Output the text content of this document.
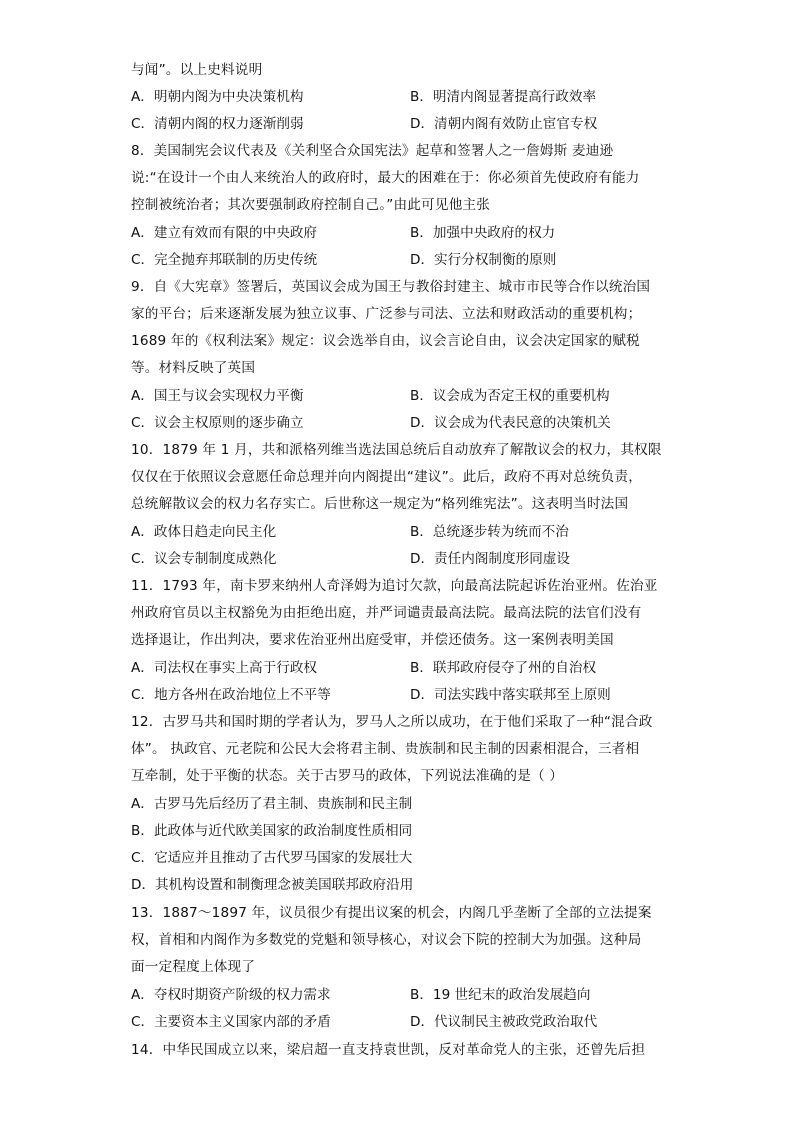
与闻”。以上史料说明
A．明朝内阁为中央决策机构	B．明清内阁显著提高行政效率
C．清朝内阁的权力逐渐削弱	D．清朝内阁有效防止宦官专权
8．美国制宪会议代表及《关利坚合众国宪法》起草和签署人之一詹姆斯 麦迪逊
说:“在设计一个由人来统治人的政府时，最大的困难在于：你必须首先使政府有能力
控制被统治者；其次要强制政府控制自己。”由此可见他主张
A．建立有效而有限的中央政府	B．加强中央政府的权力
C．完全抛弃邦联制的历史传统	D．实行分权制衡的原则
9．自《大宪章》签署后，英国议会成为国王与教俗封建主、城市市民等合作以统治国
家的平台；后来逐渐发展为独立议事、广泛参与司法、立法和财政活动的重要机构；
1689 年的《权利法案》规定：议会选举自由，议会言论自由，议会决定国家的赋税
等。材料反映了英国
A．国王与议会实现权力平衡	B．议会成为否定王权的重要机构
C．议会主权原则的逐步确立	D．议会成为代表民意的决策机关
10．1879 年 1 月，共和派格列维当选法国总统后自动放弃了解散议会的权力，其权限
仅仅在于依照议会意愿任命总理并向内阁提出“建议”。此后，政府不再对总统负责，
总统解散议会的权力名存实亡。后世称这一规定为“格列维宪法”。这表明当时法国
A．政体日趋走向民主化	B．总统逐步转为统而不治
C．议会专制制度成熟化	D．责任内阁制度形同虚设
11．1793 年，南卡罗来纳州人奇泽姆为追讨欠款，向最高法院起诉佐治亚州。佐治亚
州政府官员以主权豁免为由拒绝出庭，并严词谴责最高法院。最高法院的法官们没有
选择退让，作出判决，要求佐治亚州出庭受审，并偿还债务。这一案例表明美国
A．司法权在事实上高于行政权	B．联邦政府侵夺了州的自治权
C．地方各州在政治地位上不平等	D．司法实践中落实联邦至上原则
12．古罗马共和国时期的学者认为，罗马人之所以成功，在于他们采取了一种“混合政
体”。 执政官、元老院和公民大会将君主制、贵族制和民主制的因素相混合，三者相
互牵制，处于平衡的状态。关于古罗马的政体，下列说法准确的是（ ）
A．古罗马先后经历了君主制、贵族制和民主制
B．此政体与近代欧美国家的政治制度性质相同
C．它适应并且推动了古代罗马国家的发展壮大
D．其机构设置和制衡理念被美国联邦政府沿用
13．1887～1897 年，议员很少有提出议案的机会，内阁几乎垄断了全部的立法提案
权，首相和内阁作为多数党的党魁和领导核心，对议会下院的控制大为加强。这种局
面一定程度上体现了
A．夺权时期资产阶级的权力需求	B．19 世纪末的政治发展趋向
C．主要资本主义国家内部的矛盾	D．代议制民主被政党政治取代
14．中华民国成立以来，梁启超一直支持袁世凯，反对革命党人的主张，还曾先后担
